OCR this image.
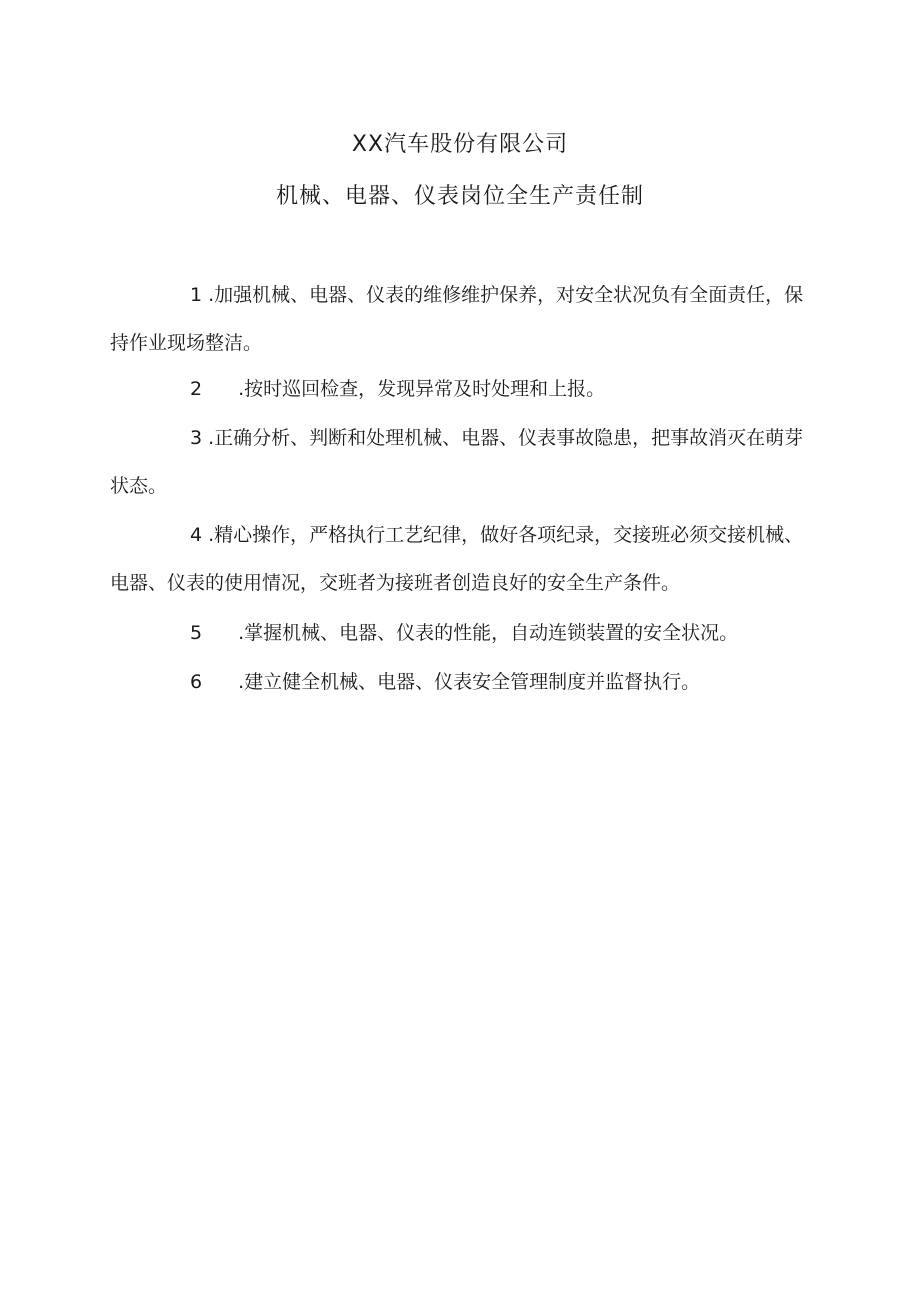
XX汽车股份有限公司
机械、电器、仪表岗位全生产责任制

1 .加强机械、电器、仪表的维修维护保养，对安全状况负有全面责任，保持作业现场整洁。

2 .按时巡回检查，发现异常及时处理和上报。

3 .正确分析、判断和处理机械、电器、仪表事故隐患，把事故消灭在萌芽状态。

4 .精心操作，严格执行工艺纪律，做好各项纪录，交接班必须交接机械、电器、仪表的使用情况，交班者为接班者创造良好的安全生产条件。

5 .掌握机械、电器、仪表的性能，自动连锁装置的安全状况。

6 .建立健全机械、电器、仪表安全管理制度并监督执行。
